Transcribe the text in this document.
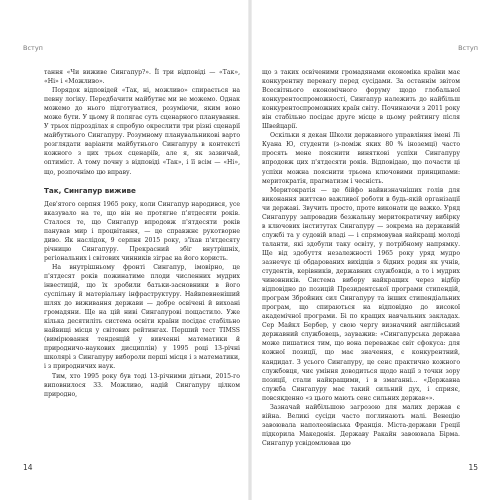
Вступ

тання «Чи виживе Сингапур?». Її три відповіді — «Так», «Ні» і «Можливо».

Порядок відповідей «Так, ні, можливо» спирається на певну логіку. Передбачити майбутнє ми не можемо. Однак можемо до нього підготуватися, розуміючи, яким воно може бути. У цьому й полягає суть сценарного планування. У трьох підрозділах я спробую окреслити три різні сценарії майбутнього Сингапуру. Розумному планувальникові варто розглядати варіанти майбутнього Сингапуру в контексті кожного з цих трьох сценаріїв, але я, як зазвичай, оптиміст. А тому почну з відповіді «Так», і її всім — «Ні», що, розпочнімо цю вправу.

Так, Сингапур виживе

Дев'ятого серпня 1965 року, коли Сингапур народився, усе вказувало на те, що він не протягне п'ятдесяти років. Сталося те, що Сингапур впродовж п'ятдесяти років панував мир і процвітання, — це справжнє рукотворне диво. Як наслідок, 9 серпня 2015 року, з'їхав п'ятдесяту річницю Сингапуру. Прекрасний збіг внутрішніх, регіональних і світових чинників зіграє на його користь.

На внутрішньому фронті Сингапур, імовірно, це п'ятдесят років пожинатиме плоди численних мудрих інвестицій, що їх зробили батьки-засновники в його суспільну й матеріальну інфраструктуру. Найвпевненіший шлях до виживання держави — добре освічені й вихоані громадяни. Ще на цій ниві Сингапурові пощастило. Уже кілька десятиліть система освіти країни посідає стабільно найвищі місця у світових рейтингах. Перший тест TIMSS (вимірювання тенденцій у вивченні математики й природничо-наукових дисциплін) у 1995 році 13-річні школярі з Сингапуру вибороли перші місця і з математики, і з природничих наук.

Тим, хто 1995 року був тоді 13-річними дітьми, 2015-го виповнилося 33. Можливо, надій Сингапуру цілком природно,

14
Вступ

що з таких освіченими громадянами економіка країни має конкурентну перевагу перед сусідами. За останнім звітом Всесвітнього економічного форуму щодо глобальної конкурентоспроможності, Сингапур належить до найбільш конкурентоспроможних країн світу. Починаючи з 2011 року він стабільно посідає друге місце в цьому рейтингу після Швейцарії.

Оскільки я декан Школи державного управління імені Лі Куана Ю, студенти (з-поміж яких 80 % іноземці) часто просять мене пояснити виняткові успіхи Сингапуру впродовж цих п'ятдесяти років. Відповідаю, що почасти ці успіхи можна пояснити трьома ключовими принципами: меритократія, прагматизм і чесність.

Меритократія — це бійфо найвизначніших голів для виконання життєво важливої роботи в будь-якій організації чи державі. Звучить просто, проте виконати це важко. Уряд Сингапуру запровадив безжальну меритократичну вибірку в ключових інститутах Сингапуру — зокрема на державній службі та у судовій владі — і спрямовував найкращі молоді таланти, які здобули таку освіту, у потрібному напрямку. Ще від здобуття незалежності 1965 року уряд мудро зазнечує ці обдарованих вихідців з бідних родин як учнів, студентів, керівників, державних службовців, а то і мудрих чиновників. Система вибору найкращих через відбір відповідно до позицій Президентської програми стипендій, програм Збройних сил Сингапуру та інших стипендіальних програм, що спираються на відповідно до високої академічної програми. Бі по кращих навчальних закладах. Сер Майкл Бербер, у свою чергу визначний англійський державний службовець, зауважив: «Сингапурська держава може пишатися тим, що вона переважає світ сфокуса: для кожної позиції, що має значення, є конкурентний, кандидат. З усього Сингапуру, це сенс практично кожного службовця, чиє уміння доводиться щодо нації з точки зору позиції, стали найкращими, і в змаганні... «Державна служба Сингапуру має такий сильний дух, і сприяє, повсякденно «з цього мають сенс сильних держав»».

Зазначай найбільшою загрозою для малих держав є війна. Великі сусіди часто поглинають малі. Венецію завоювала наполеонівська Франція. Міста-держави Греції підкорила Македонія. Державу Ракайн завоювала Бірма. Сингапур усвідомлював цю

15
